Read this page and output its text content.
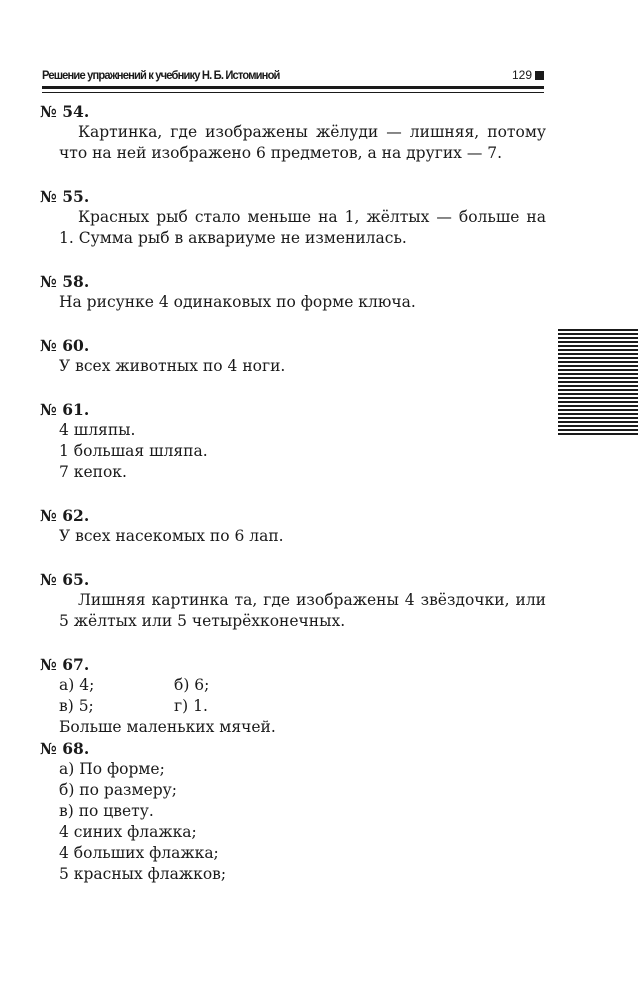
Решение упражнений к учебнику Н. Б. Истоминой	129
№ 54.
Картинка, где изображены жёлуди — лишняя, потому что на ней изображено 6 предметов, а на других — 7.
№ 55.
Красных рыб стало меньше на 1, жёлтых — больше на 1. Сумма рыб в аквариуме не изменилась.
№ 58.
На рисунке 4 одинаковых по форме ключа.
№ 60.
У всех животных по 4 ноги.
№ 61.
4 шляпы.
1 большая шляпа.
7 кепок.
№ 62.
У всех насекомых по 6 лап.
№ 65.
Лишняя картинка та, где изображены 4 звёздочки, или 5 жёлтых или 5 четырёхконечных.
№ 67.
а) 4;	б) 6;
в) 5;	г) 1.
Больше маленьких мячей.
№ 68.
а) По форме;
б) по размеру;
в) по цвету.
4 синих флажка;
4 больших флажка;
5 красных флажков;
